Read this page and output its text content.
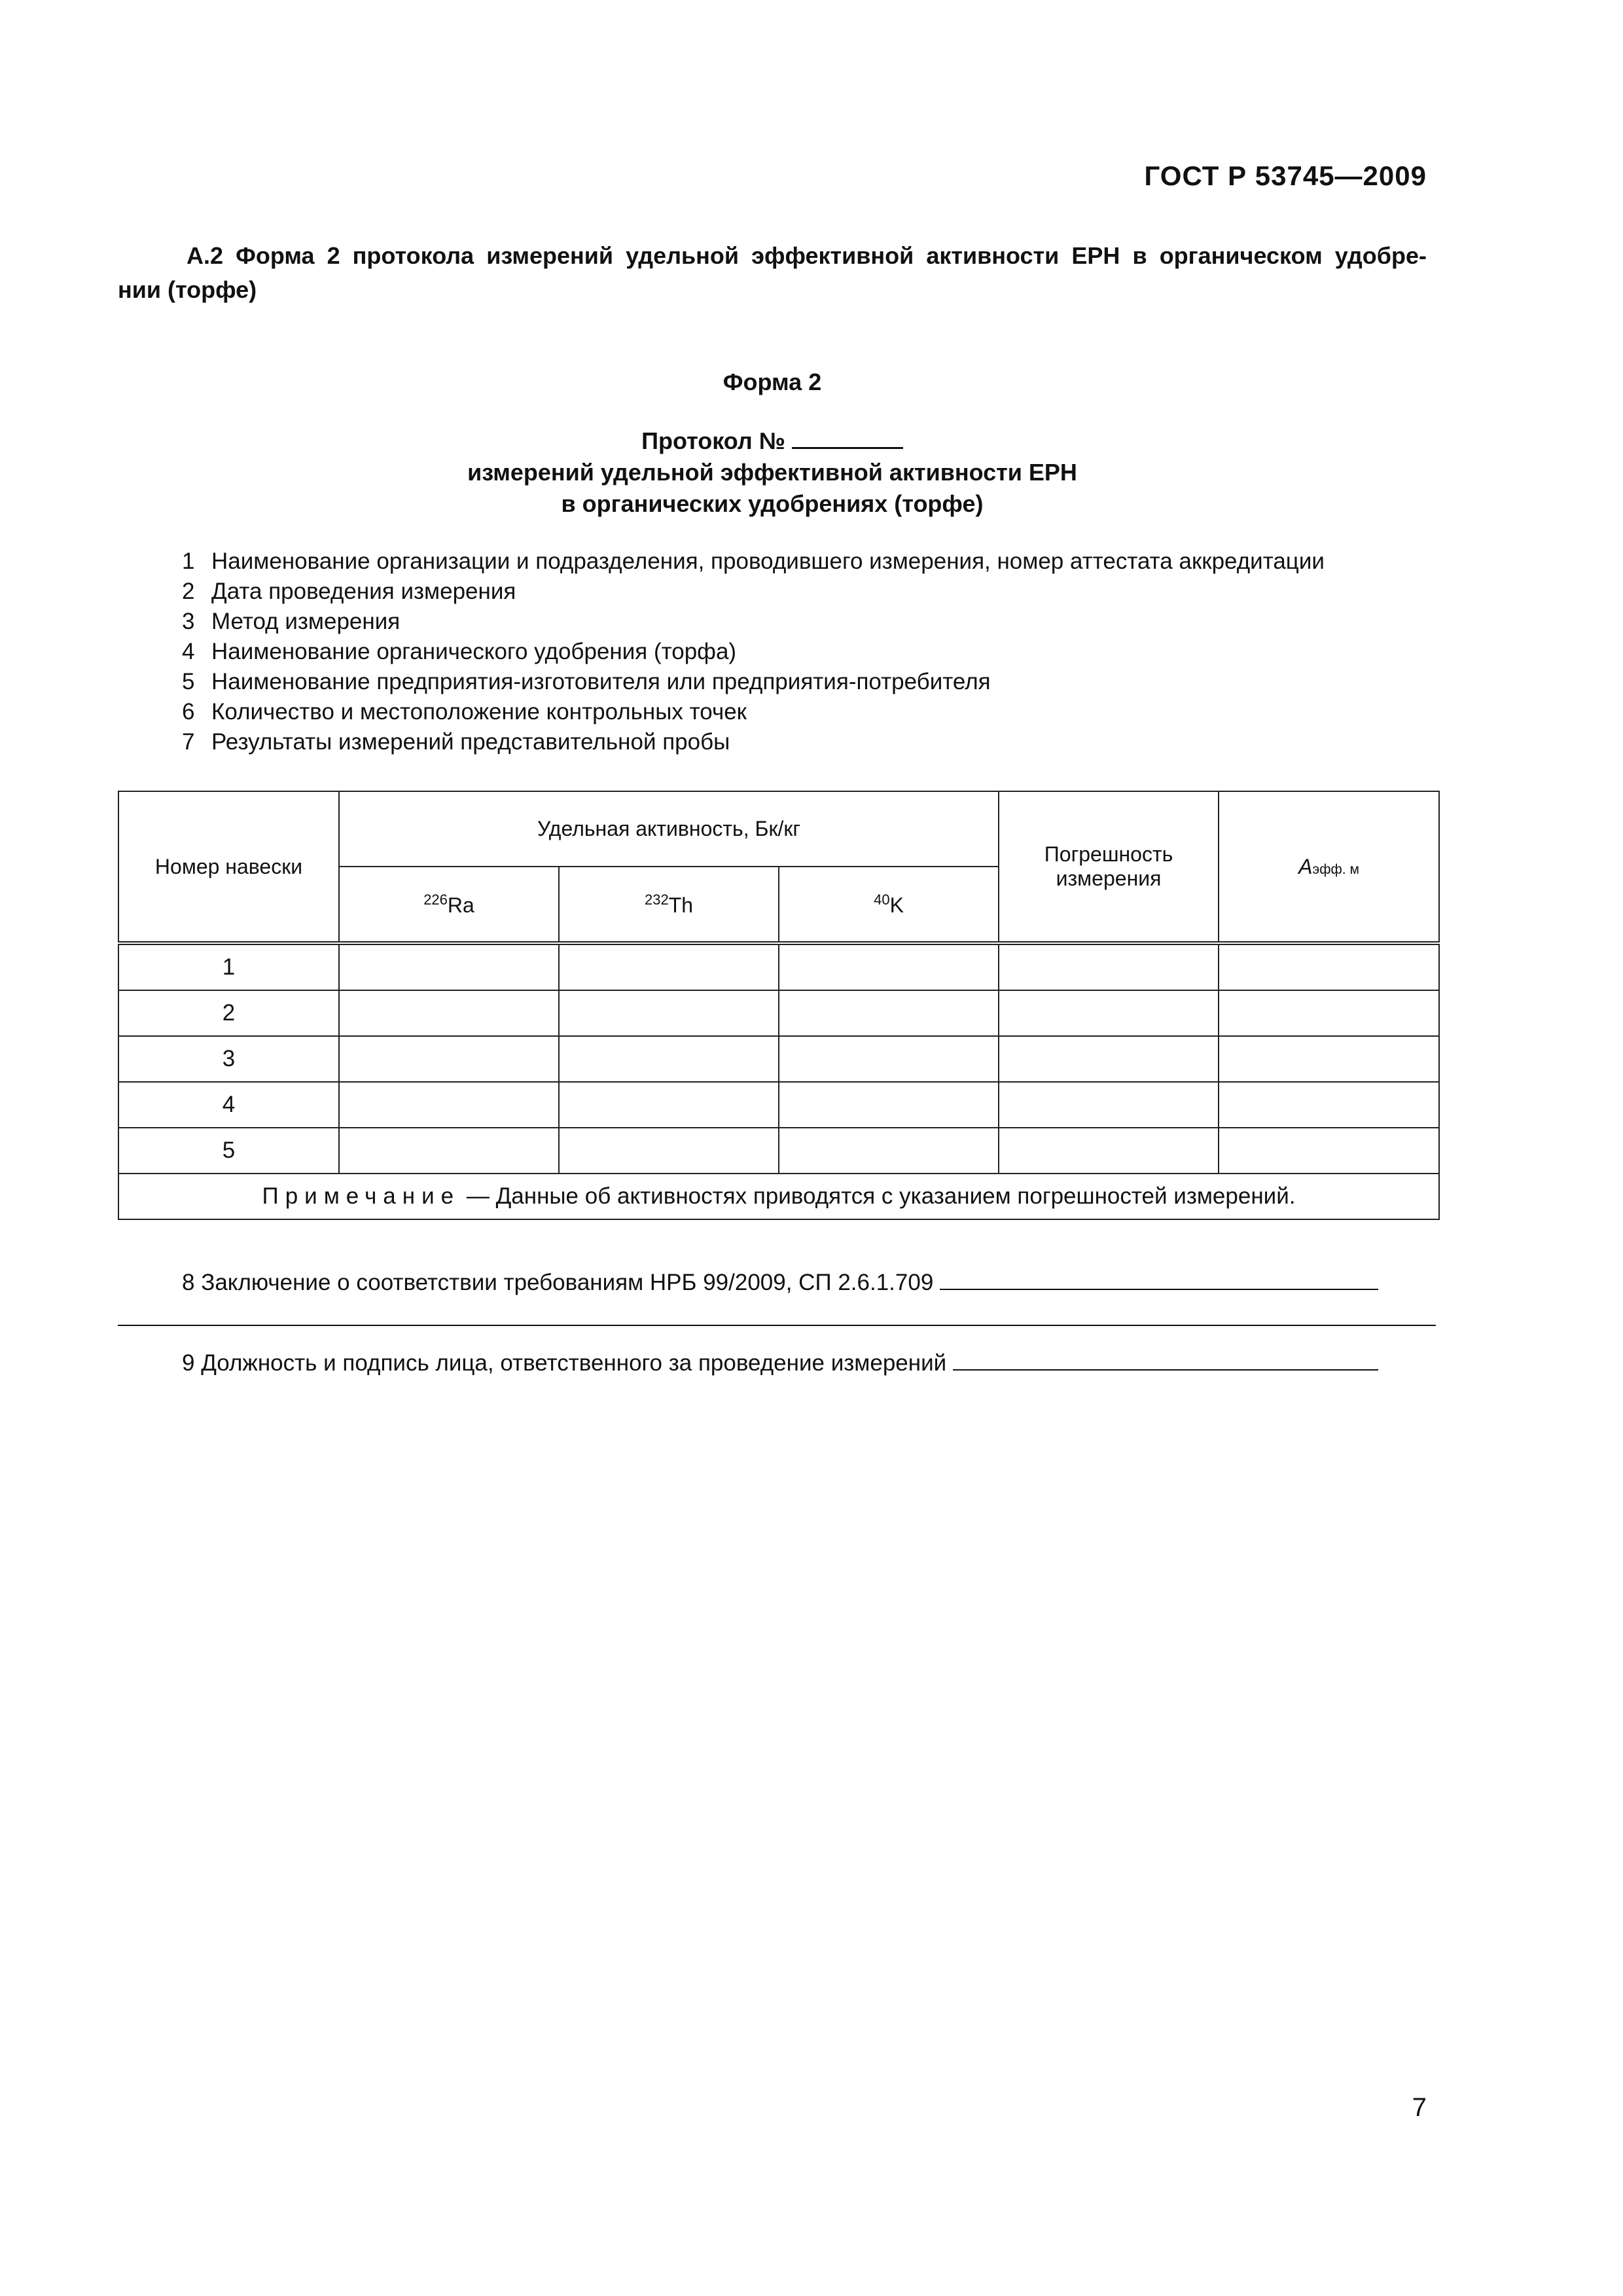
ГОСТ Р 53745—2009
А.2 Форма 2 протокола измерений удельной эффективной активности ЕРН в органическом удобре-
нии (торфе)
Форма 2
Протокол №
измерений удельной эффективной активности ЕРН
в органических удобрениях (торфе)
1 Наименование организации и подразделения, проводившего измерения, номер аттестата аккредитации
2 Дата проведения измерения
3 Метод измерения
4 Наименование органического удобрения (торфа)
5 Наименование предприятия-изготовителя или предприятия-потребителя
6 Количество и местоположение контрольных точек
7 Результаты измерений представительной пробы
Номер навески	Удельная активность, Бк/кг			Погрешность измерения	Aэфф. м
	$^{226}$Ra	$^{232}$Th	$^{40}$K		
1					
2					
3					
4					
5					
Примечание — Данные об активностях приводятся с указанием погрешностей измерений.					
8 Заключение о соответствии требованиям НРБ 99/2009, СП 2.6.1.709
9 Должность и подпись лица, ответственного за проведение измерений
7
